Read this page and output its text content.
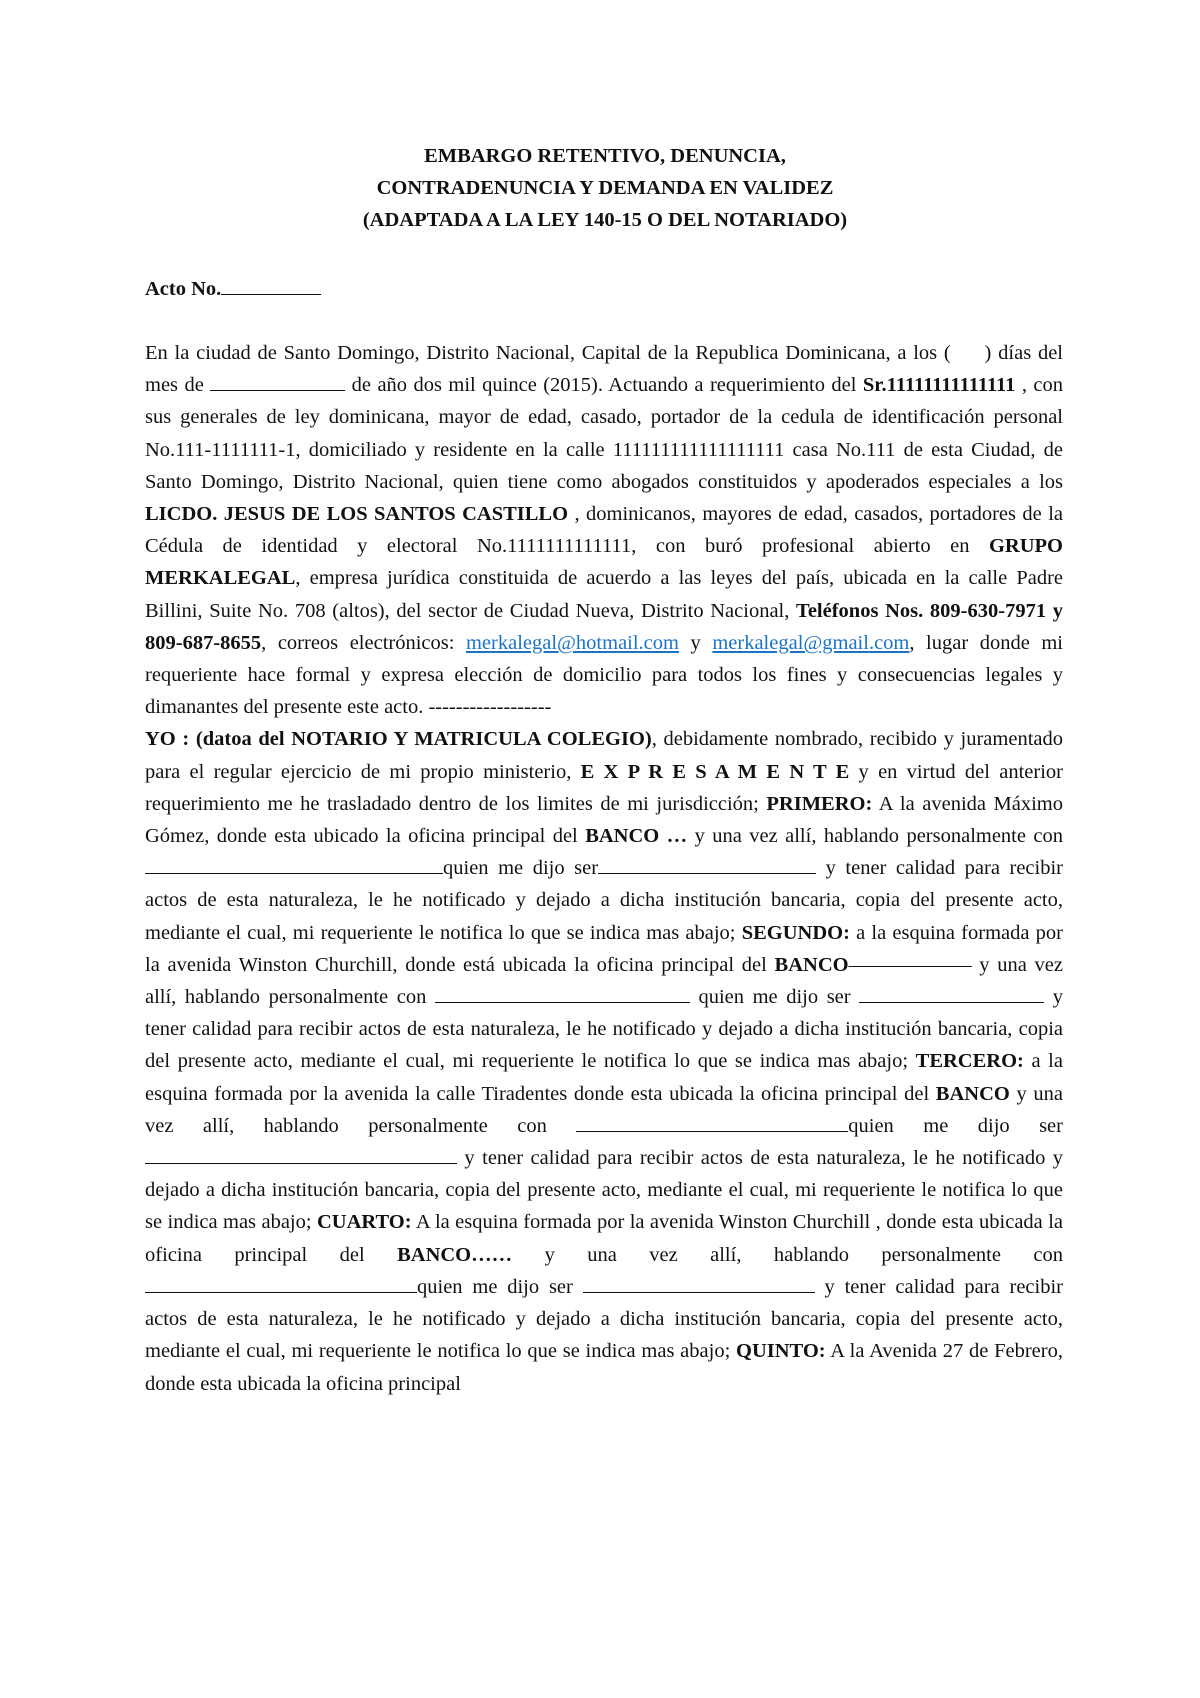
EMBARGO RETENTIVO, DENUNCIA,
CONTRADENUNCIA Y DEMANDA EN VALIDEZ
(ADAPTADA A LA LEY 140-15 O DEL NOTARIADO)
Acto No.

En la ciudad de Santo Domingo, Distrito Nacional, Capital de la Republica Dominicana, a los (     ) días del mes de	de año dos mil quince (2015). Actuando a requerimiento del Sr.11111111111111 , con sus generales de ley dominicana, mayor de edad, casado, portador de la cedula de identificación personal No.111-1111111-1, domiciliado y residente en la calle 111111111111111111 casa No.111 de esta Ciudad, de Santo Domingo, Distrito Nacional, quien tiene como abogados constituidos y apoderados especiales a los LICDO. JESUS DE LOS SANTOS CASTILLO , dominicanos, mayores de edad, casados, portadores de la Cédula de identidad y electoral No.1111111111111, con buró profesional abierto en GRUPO MERKALEGAL, empresa jurídica constituida de acuerdo a las leyes del país, ubicada en la calle Padre Billini, Suite No. 708 (altos), del sector de Ciudad Nueva, Distrito Nacional, Teléfonos Nos. 809-630-7971 y 809-687-8655, correos electrónicos: merkalegal@hotmail.com y merkalegal@gmail.com, lugar donde mi requeriente hace formal y expresa elección de domicilio para todos los fines y consecuencias legales y dimanantes del presente este acto. ------------------

YO : (datoa del NOTARIO Y MATRICULA COLEGIO), debidamente nombrado, recibido y juramentado para el regular ejercicio de mi propio ministerio, E X P R E S A M E N T E y en virtud del anterior requerimiento me he trasladado dentro de los limites de mi jurisdicción; PRIMERO: A la avenida Máximo Gómez, donde esta ubicado la oficina principal del BANCO … y una vez allí, hablando personalmente con quien me dijo ser	y tener calidad para recibir actos de esta naturaleza, le he notificado y dejado a dicha institución bancaria, copia del presente acto, mediante el cual, mi requeriente le notifica lo que se indica mas abajo; SEGUNDO: a la esquina formada por la avenida Winston Churchill, donde está ubicada la oficina principal del BANCO—————— y una vez allí, hablando personalmente con	quien me dijo ser	y tener calidad para recibir actos de esta naturaleza, le he notificado y dejado a dicha institución bancaria, copia del presente acto, mediante el cual, mi requeriente le notifica lo que se indica mas abajo; TERCERO: a la esquina formada por la avenida la calle Tiradentes donde esta ubicada la oficina principal del BANCO y una vez allí, hablando personalmente con	quien me dijo ser  y tener calidad para recibir actos de esta naturaleza, le he notificado y dejado a dicha institución bancaria, copia del presente acto, mediante el cual, mi requeriente le notifica lo que se indica mas abajo; CUARTO: A la esquina formada por la avenida Winston Churchill , donde esta ubicada la oficina principal del BANCO…… y una vez allí, hablando personalmente con quien me dijo ser	y tener calidad para recibir actos de esta naturaleza, le he notificado y dejado a dicha institución bancaria, copia del presente acto, mediante el cual, mi requeriente le notifica lo que se indica mas abajo; QUINTO: A la Avenida 27 de Febrero, donde esta ubicada la oficina principal
